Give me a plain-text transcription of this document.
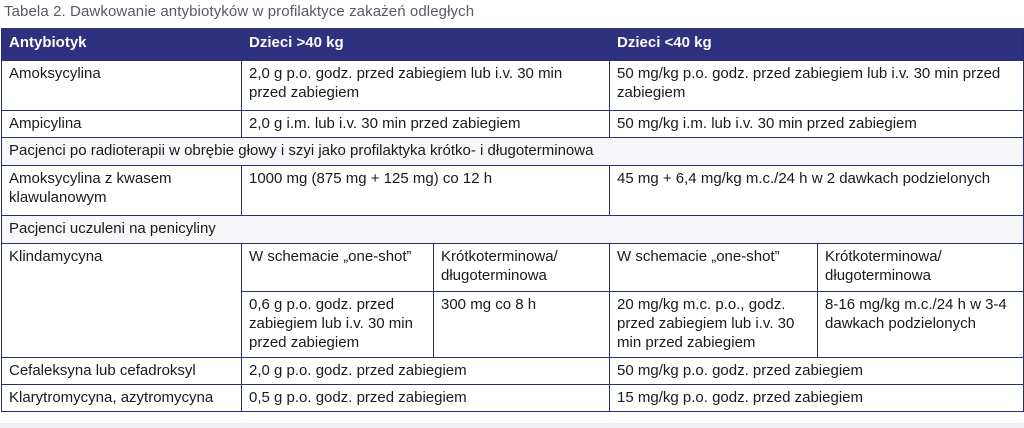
Tabela 2. Dawkowanie antybiotyków w profilaktyce zakażeń odległych
Antybiotyk	Dzieci >40 kg		Dzieci <40 kg	
Amoksycylina	2,0 g p.o. godz. przed zabiegiem lub i.v. 30 min przed zabiegiem		50 mg/kg p.o. godz. przed zabiegiem lub i.v. 30 min przed zabiegiem	
Ampicylina	2,0 g i.m. lub i.v. 30 min przed zabiegiem		50 mg/kg i.m. lub i.v. 30 min przed zabiegiem	
Pacjenci po radioterapii w obrębie głowy i szyi jako profilaktyka krótko- i długoterminowa				
Amoksycylina z kwasem klawulanowym	1000 mg (875 mg + 125 mg) co 12 h		45 mg + 6,4 mg/kg m.c./24 h w 2 dawkach podzielonych	
Pacjenci uczuleni na penicyliny				
Klindamycyna	W schemacie „one-shot”	Krótkoterminowa/ długoterminowa	W schemacie „one-shot”	Krótkoterminowa/ długoterminowa
	0,6 g p.o. godz. przed zabiegiem lub i.v. 30 min przed zabiegiem	300 mg co 8 h	20 mg/kg m.c. p.o., godz. przed zabiegiem lub i.v. 30 min przed zabiegiem	8-16 mg/kg m.c./24 h w 3-4 dawkach podzielonych
Cefaleksyna lub cefadroksyl	2,0 g p.o. godz. przed zabiegiem		50 mg/kg p.o. godz. przed zabiegiem	
Klarytromycyna, azytromycyna	0,5 g p.o. godz. przed zabiegiem		15 mg/kg p.o. godz. przed zabiegiem	
